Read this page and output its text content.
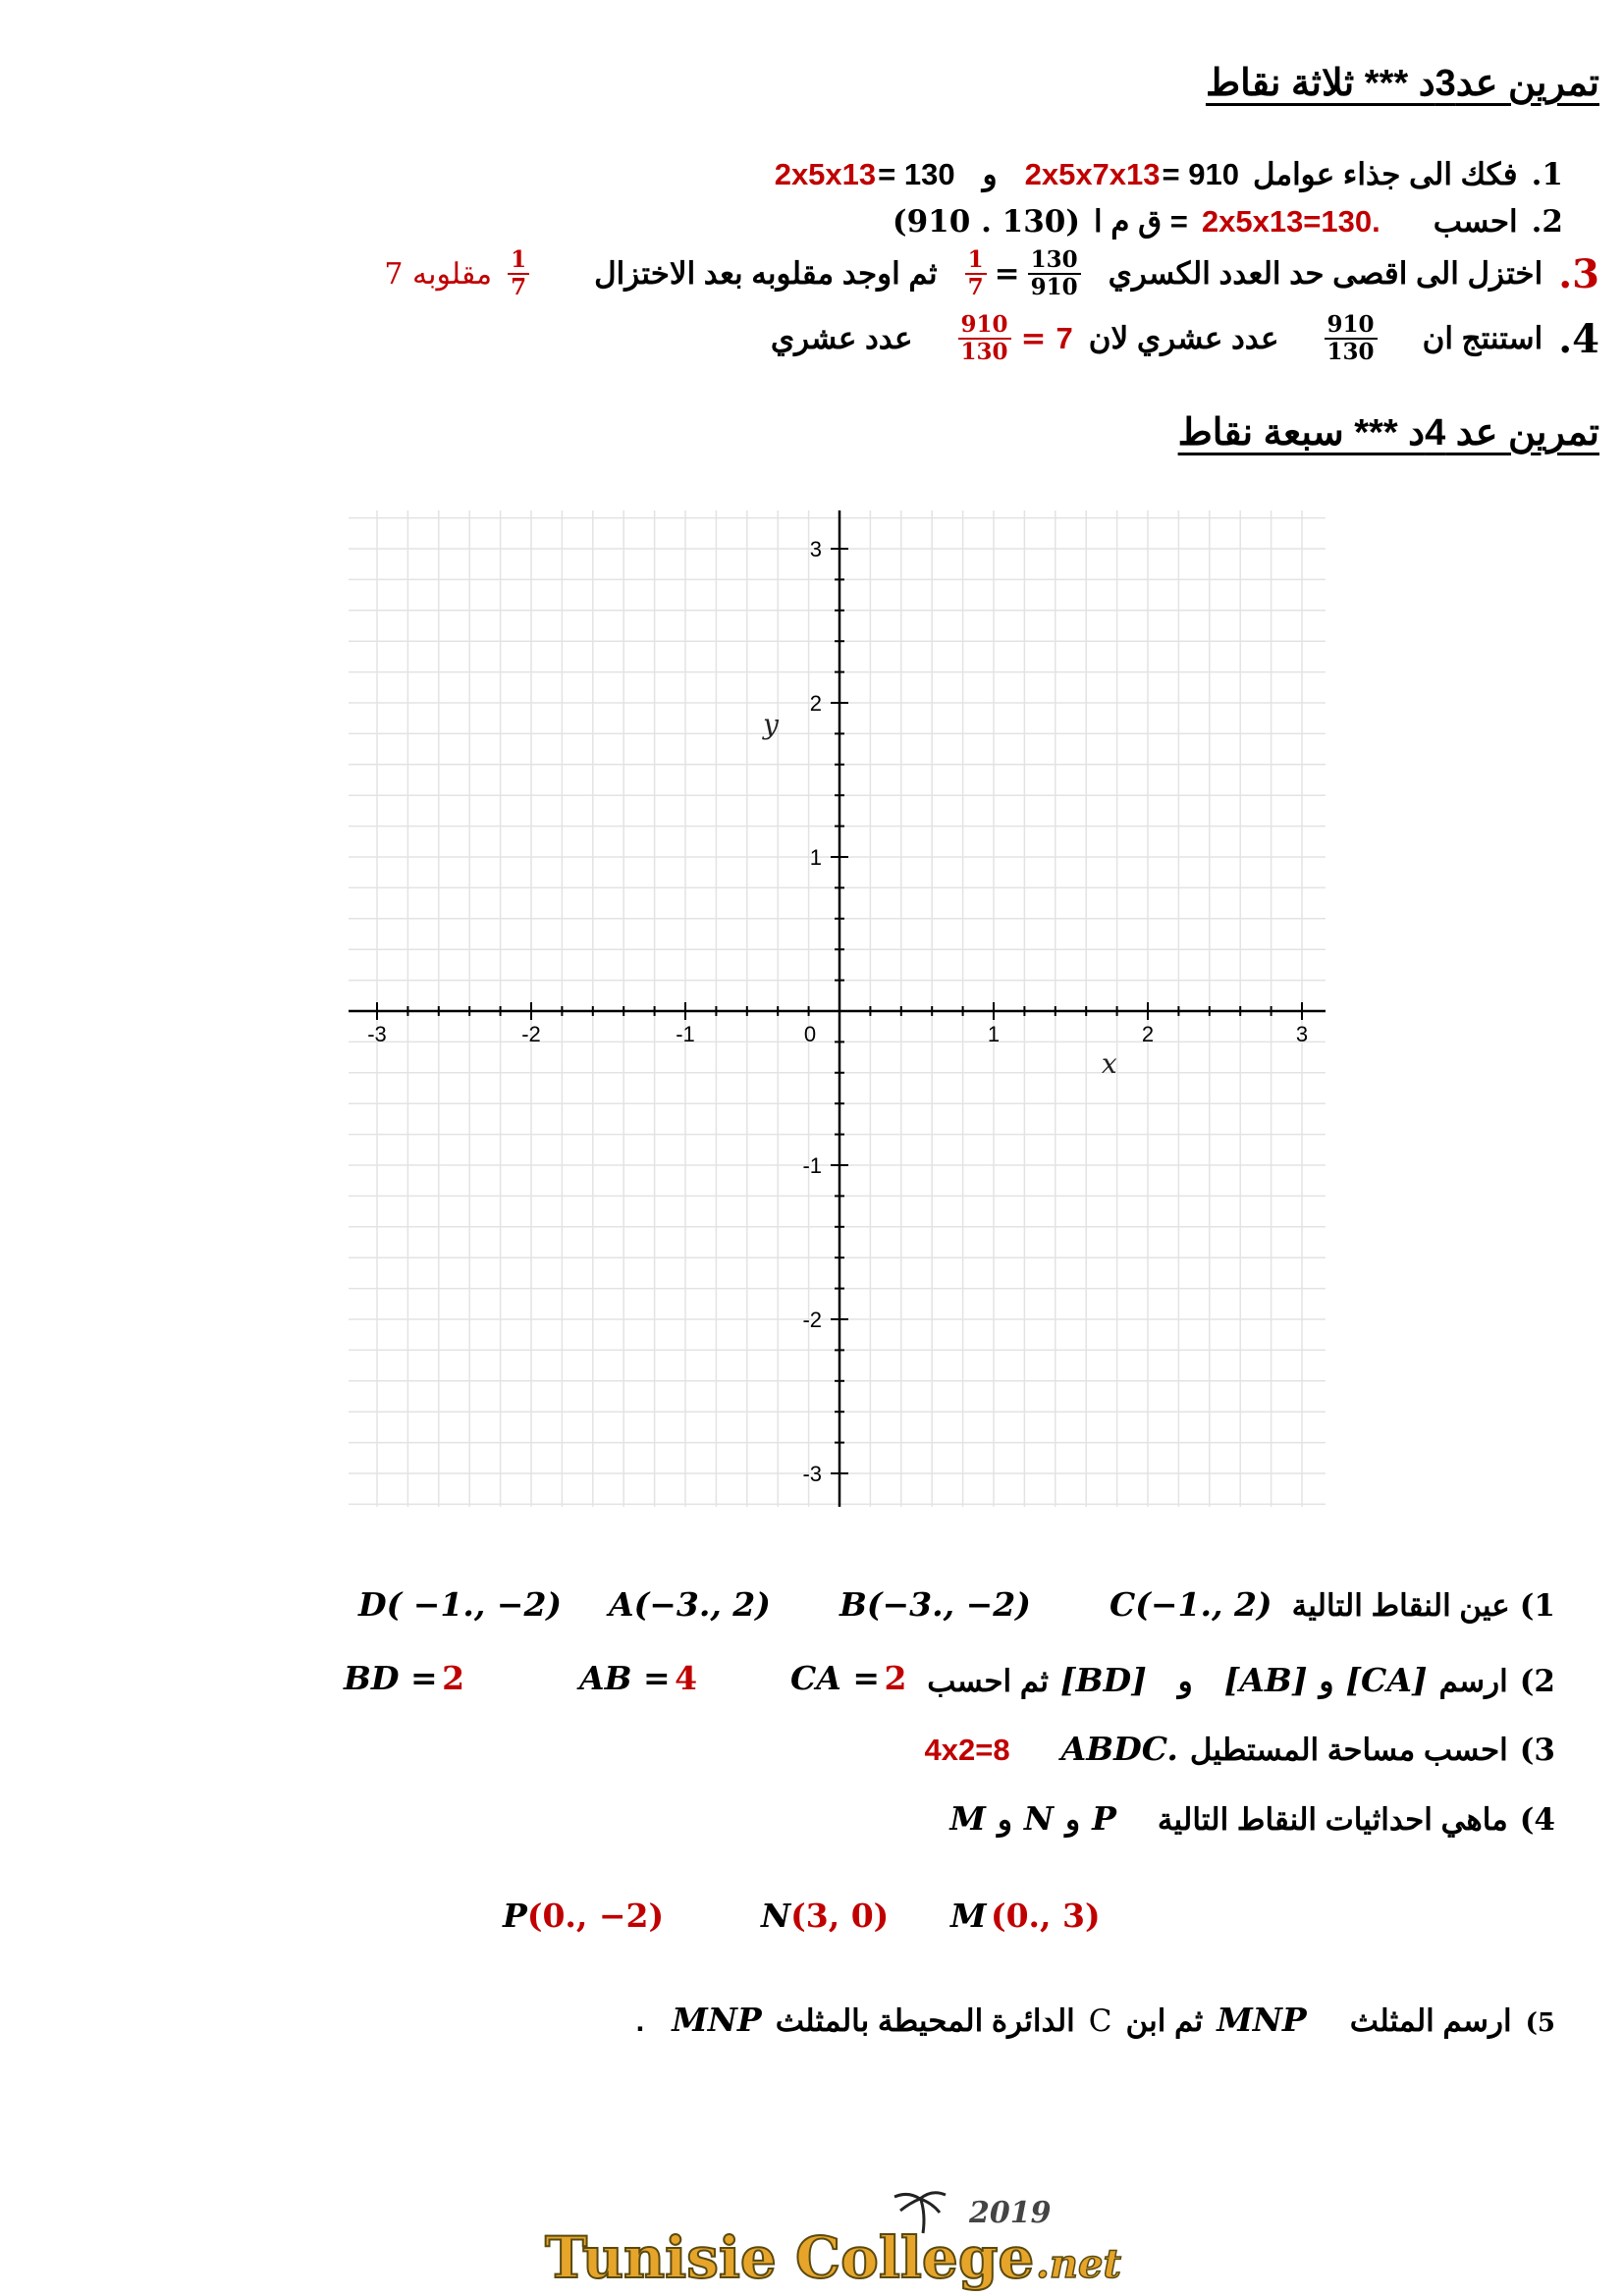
تمرين عد3د *** ثلاثة نقاط
1.
فكك الى جذاء عوامل
2x5x7x13 = 910
و
2x5x13 = 130
2.
احسب
2x5x13=130.
= ق م ا
(910 . 130)
3.
اختزل الى اقصى حد العدد الكسري
$\frac{1}{7} = \frac{130}{910}$
ثم اوجد مقلوبه بعد الاختزال
$\frac{1}{7}$
مقلوبه 7
4.
استنتج ان
$\frac{910}{130}$
عدد عشري لان
$\frac{910}{130} = 7$
عدد عشري
تمرين عد 4د *** سبعة نقاط
-3	-2	-1	0	1	2	3
3
2
1
-1
-2
-3
x
y
1)
عين النقاط التالية
D( −1., −2) A(−3., 2) B(−3., −2) C(−1., 2)
2)
ارسم
[CA]
و
[AB]
و
[BD]
ثم احسب
CA = 2
AB = 4
BD = 2
3)
احسب مساحة المستطيل
ABDC.
4x2=8
4)
ماهي احداثيات النقاط التالية
P
و
N
و
M
P(0., −2)	N(3, 0) M (0., 3)
5)
ارسم المثلث
MNP
ثم ابن
C
الدائرة المحيطة بالمثلث
MNP
.
2019
Tunisie College .net
